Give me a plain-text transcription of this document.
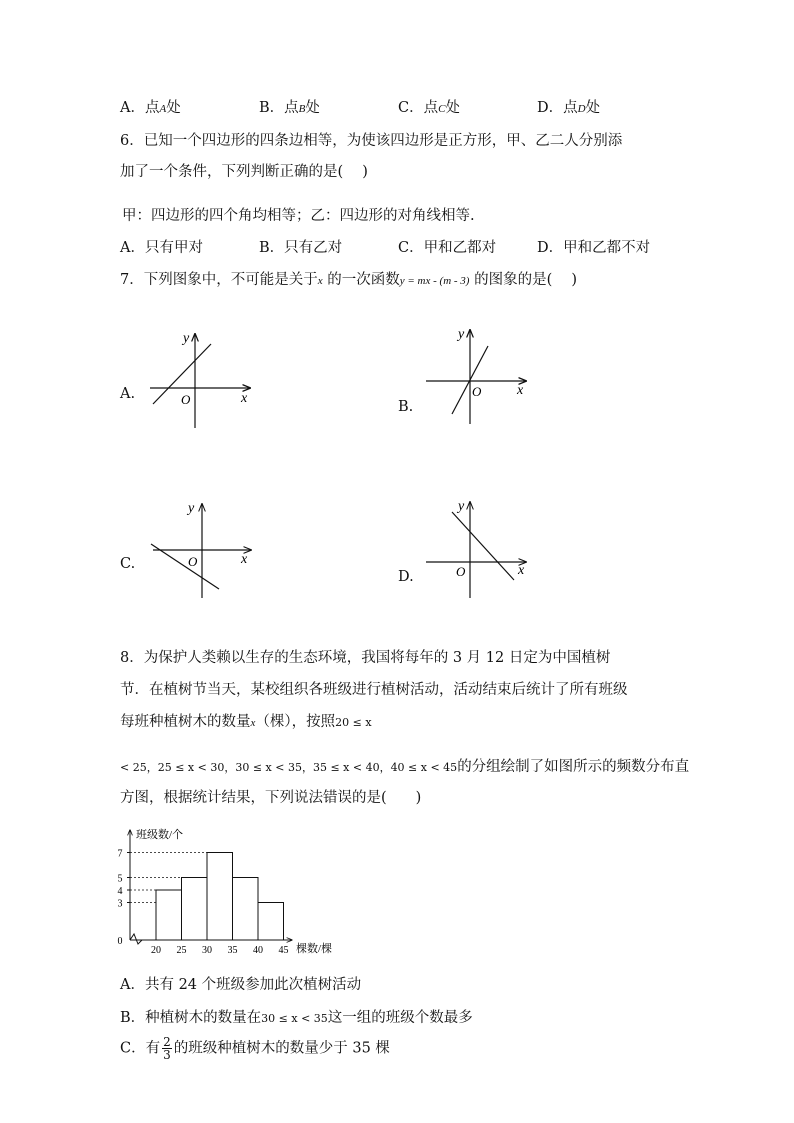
A．点A处	B．点B处	C．点C处	D．点D处
6．已知一个四边形的四条边相等，为使该四边形是正方形，甲、乙二人分别添
加了一个条件，下列判断正确的是(　 )
甲：四边形的四个角均相等；乙：四边形的对角线相等.
A．只有甲对	B．只有乙对	C．甲和乙都对	D．甲和乙都不对
7．下列图象中，不可能是关于x 的一次函数y = mx - (m - 3) 的图象的是(　 )
A.
y
x
O	B.
y
x
O
C.
y
x
O
D.
y
x
O
8．为保护人类赖以生存的生态环境，我国将每年的 3 月 12 日定为中国植树
节．在植树节当天，某校组织各班级进行植树活动，活动结束后统计了所有班级
每班种植树木的数量x（棵），按照20 ≤ x
< 25，25 ≤ x < 30，30 ≤ x < 35，35 ≤ x < 40，40 ≤ x < 45的分组绘制了如图所示的频数分布直
方图，根据统计结果，下列说法错误的是(　　)
0
3
4
5
7
20 25 30 35 40 45
班级数/个
棵数/棵
A．共有 24 个班级参加此次植树活动
B．种植树木的数量在30 ≤ x < 35这一组的班级个数最多
C．有 $\frac{2}{3}$ 的班级种植树木的数量少于 35 棵
